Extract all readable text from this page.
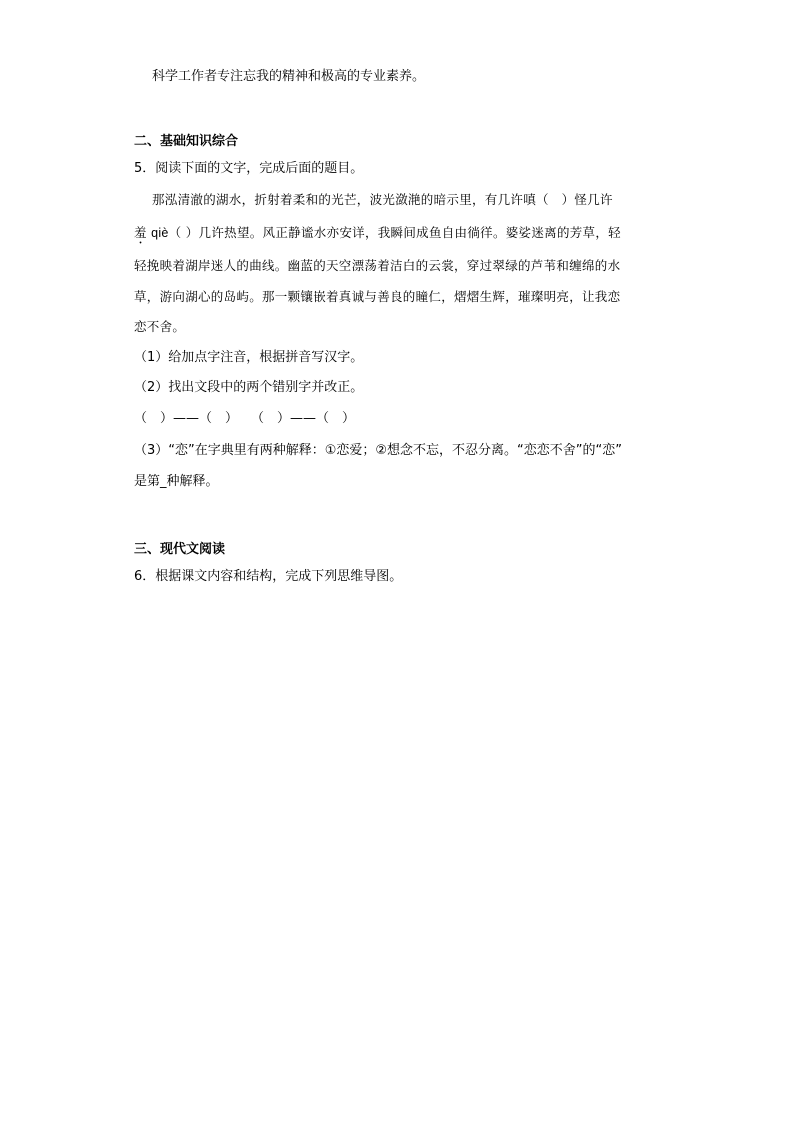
科学工作者专注忘我的精神和极高的专业素养。
二、基础知识综合
5．阅读下面的文字，完成后面的题目。
那泓清澈的湖水，折射着柔和的光芒，波光潋滟的暗示里，有几许嗔（　）怪几许
羞 qiè（ ）几许热望。风正静谧水亦安详，我瞬间成鱼自由徜徉。婆娑迷离的芳草，轻
轻挽映着湖岸迷人的曲线。幽蓝的天空漂荡着洁白的云裳，穿过翠绿的芦苇和缠绵的水
草，游向湖心的岛屿。那一颗镶嵌着真诚与善良的瞳仁，熠熠生辉，璀璨明亮，让我恋
恋不舍。
（1）给加点字注音，根据拼音写汉字。
（2）找出文段中的两个错别字并改正。
（　）——（　）　　（　）——（　）
（3）“恋”在字典里有两种解释：①恋爱；②想念不忘，不忍分离。“恋恋不舍”的“恋”
是第_种解释。
三、现代文阅读
6．根据课文内容和结构，完成下列思维导图。
